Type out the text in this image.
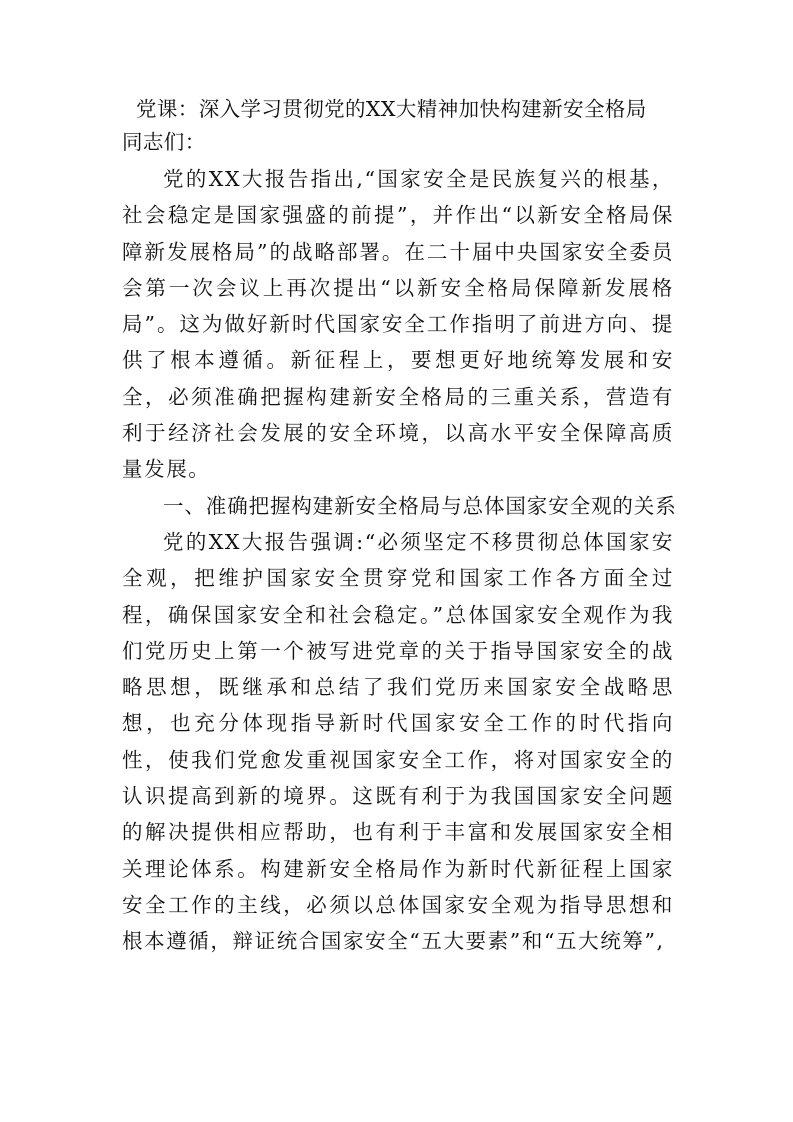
党课：深入学习贯彻党的XX大精神加快构建新安全格局

同志们：

党的XX大报告指出,“国家安全是民族复兴的根基，社会稳定是国家强盛的前提”，并作出“以新安全格局保障新发展格局”的战略部署。在二十届中央国家安全委员会第一次会议上再次提出“以新安全格局保障新发展格局”。这为做好新时代国家安全工作指明了前进方向、提供了根本遵循。新征程上，要想更好地统筹发展和安全，必须准确把握构建新安全格局的三重关系，营造有利于经济社会发展的安全环境，以高水平安全保障高质量发展。

一、准确把握构建新安全格局与总体国家安全观的关系

党的XX大报告强调:“必须坚定不移贯彻总体国家安全观，把维护国家安全贯穿党和国家工作各方面全过程，确保国家安全和社会稳定。”总体国家安全观作为我们党历史上第一个被写进党章的关于指导国家安全的战略思想，既继承和总结了我们党历来国家安全战略思想，也充分体现指导新时代国家安全工作的时代指向性，使我们党愈发重视国家安全工作，将对国家安全的认识提高到新的境界。这既有利于为我国国家安全问题的解决提供相应帮助，也有利于丰富和发展国家安全相关理论体系。构建新安全格局作为新时代新征程上国家安全工作的主线，必须以总体国家安全观为指导思想和根本遵循，辩证统合国家安全“五大要素”和“五大统筹”,
